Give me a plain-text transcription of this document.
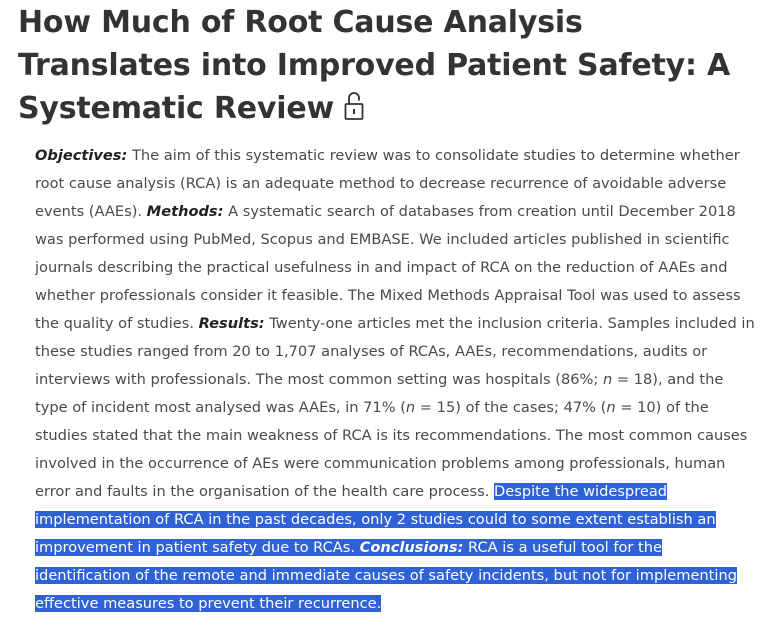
How Much of Root Cause Analysis Translates into Improved Patient Safety: A Systematic Review

Objectives: The aim of this systematic review was to consolidate studies to determine whether root cause analysis (RCA) is an adequate method to decrease recurrence of avoidable adverse events (AAEs). Methods: A systematic search of databases from creation until December 2018 was performed using PubMed, Scopus and EMBASE. We included articles published in scientific journals describing the practical usefulness in and impact of RCA on the reduction of AAEs and whether professionals consider it feasible. The Mixed Methods Appraisal Tool was used to assess the quality of studies. Results: Twenty-one articles met the inclusion criteria. Samples included in these studies ranged from 20 to 1,707 analyses of RCAs, AAEs, recommendations, audits or interviews with professionals. The most common setting was hospitals (86%; n = 18), and the type of incident most analysed was AAEs, in 71% (n = 15) of the cases; 47% (n = 10) of the studies stated that the main weakness of RCA is its recommendations. The most common causes involved in the occurrence of AEs were communication problems among professionals, human error and faults in the organisation of the health care process. Despite the widespread implementation of RCA in the past decades, only 2 studies could to some extent establish an improvement in patient safety due to RCAs. Conclusions: RCA is a useful tool for the identification of the remote and immediate causes of safety incidents, but not for implementing effective measures to prevent their recurrence.
